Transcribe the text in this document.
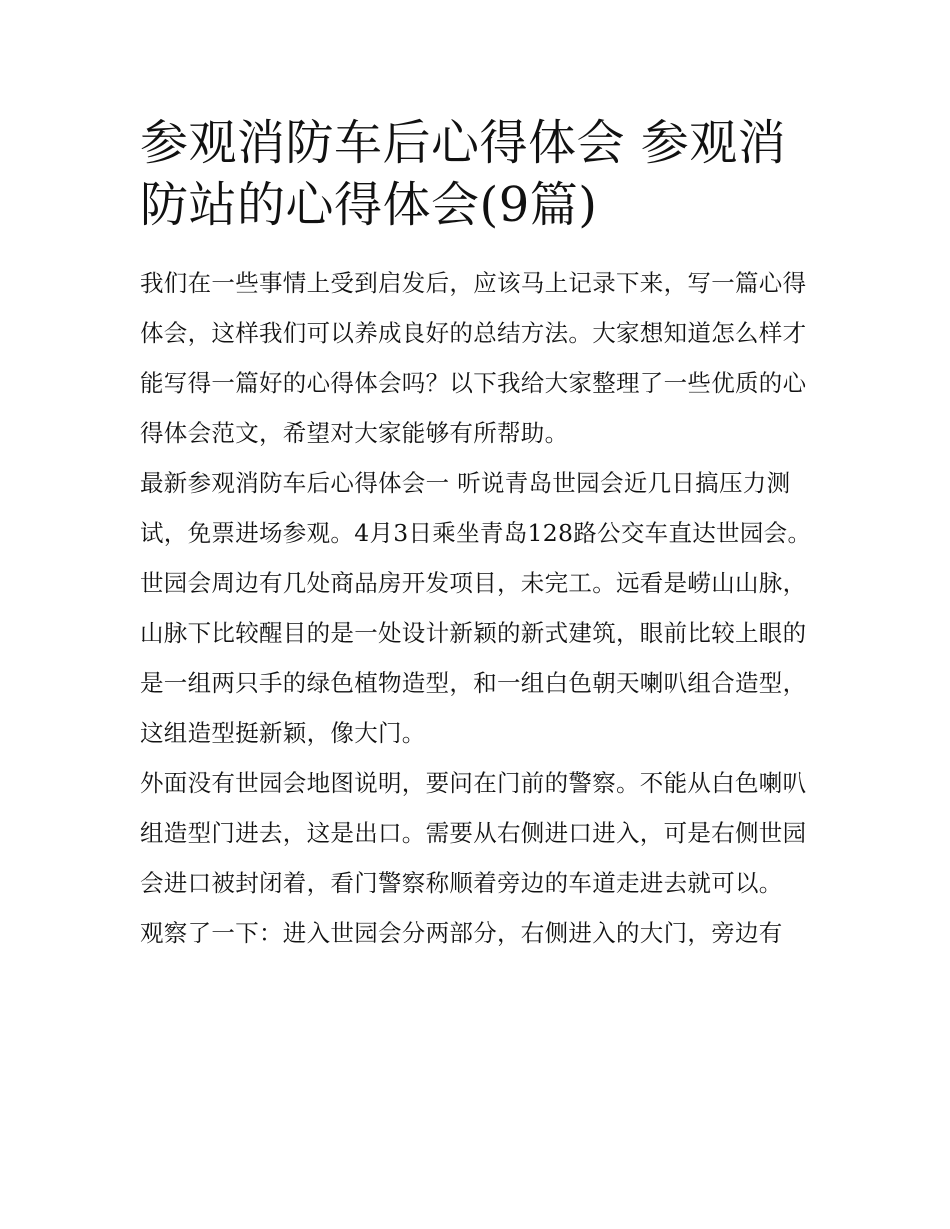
参观消防车后心得体会 参观消防站的心得体会(9篇)

我们在一些事情上受到启发后，应该马上记录下来，写一篇心得体会，这样我们可以养成良好的总结方法。大家想知道怎么样才能写得一篇好的心得体会吗？以下我给大家整理了一些优质的心得体会范文，希望对大家能够有所帮助。

最新参观消防车后心得体会一 听说青岛世园会近几日搞压力测试，免票进场参观。4月3日乘坐青岛128路公交车直达世园会。

世园会周边有几处商品房开发项目，未完工。远看是崂山山脉，山脉下比较醒目的是一处设计新颖的新式建筑，眼前比较上眼的是一组两只手的绿色植物造型，和一组白色朝天喇叭组合造型，这组造型挺新颖，像大门。

外面没有世园会地图说明，要问在门前的警察。不能从白色喇叭组造型门进去，这是出口。需要从右侧进口进入，可是右侧世园会进口被封闭着，看门警察称顺着旁边的车道走进去就可以。

观察了一下：进入世园会分两部分，右侧进入的大门，旁边有
